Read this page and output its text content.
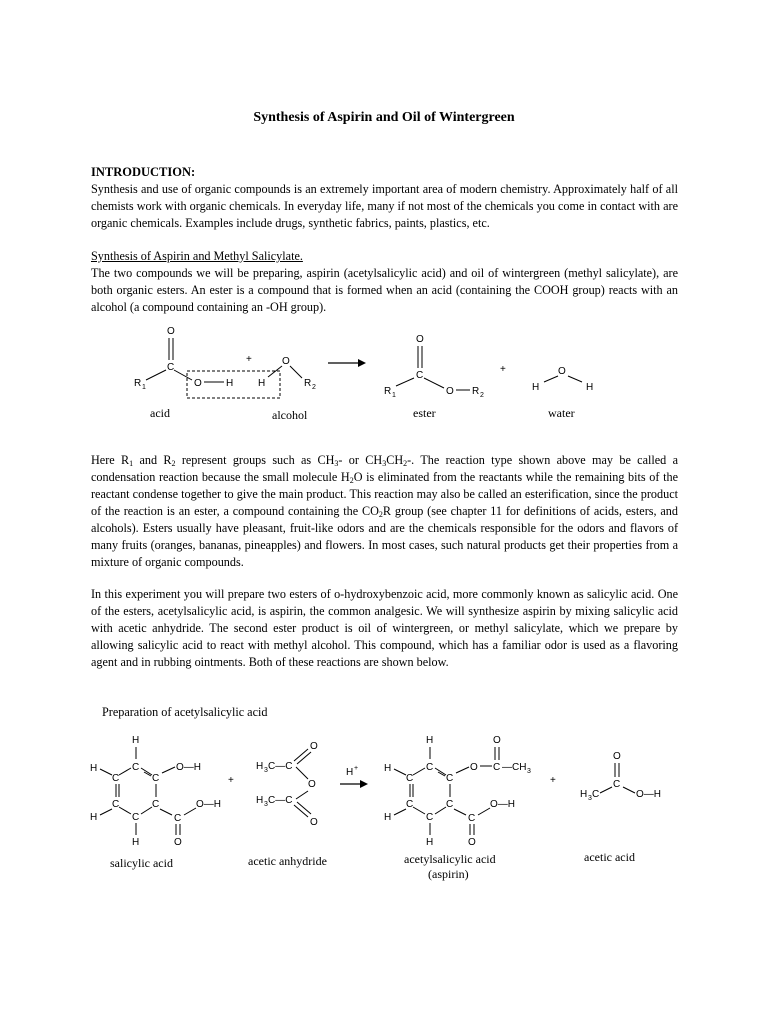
Synthesis of Aspirin and Oil of Wintergreen
INTRODUCTION:
Synthesis and use of organic compounds is an extremely important area of modern chemistry. Approximately half of all chemists work with organic chemicals. In everyday life, many if not most of the chemicals you come in contact with are organic chemicals. Examples include drugs, synthetic fabrics, paints, plastics, etc.
Synthesis of Aspirin and Methyl Salicylate.
The two compounds we will be preparing, aspirin (acetylsalicylic acid) and oil of wintergreen (methyl salicylate), are both organic esters. An ester is a compound that is formed when an acid (containing the COOH group) reacts with an alcohol (a compound containing an -OH group).
O
C
R 1	O H
+	O
H	R 2
O
C
R 1	O R 2
+	O
H	H
acid	alcohol	ester	water
Here $R_1$ and $R_2$ represent groups such as $CH_3-$ or $CH_3CH_2-$. The reaction type shown above may be called a condensation reaction because the small molecule $H_2O$ is eliminated from the reactants while the remaining bits of the reactant condense together to give the main product. This reaction may also be called an esterification, since the product of the reaction is an ester, a compound containing the $CO_2R$ group (see chapter 11 for definitions of acids, esters, and alcohols). Esters usually have pleasant, fruit-like odors and are the chemicals responsible for the odors and flavors of many fruits (oranges, bananas, pineapples) and flowers. In most cases, such natural products get their properties from a mixture of organic compounds.
In this experiment you will prepare two esters of o-hydroxybenzoic acid, more commonly known as salicylic acid. One of the esters, acetylsalicylic acid, is aspirin, the common analgesic. We will synthesize aspirin by mixing salicylic acid with acetic anhydride. The second ester product is oil of wintergreen, or methyl salicylate, which we prepare by allowing salicylic acid to react with methyl alcohol. This compound, which has a familiar odor is used as a flavoring agent and in rubbing ointments. Both of these reactions are shown below.
Preparation of acetylsalicylic acid
H
C
H
C	C
O—H
C	C
H	C
H
C
O—H
O
+
H 3 C—C
O
O
H 3 C—C
O
H +
H
C
H
C	C
O C
O
—CH 3
C	C
H	C
H
C
O—H
O
+
O
C
H 3 C	O—H
salicylic acid	acetic anhydride	acetylsalicylic acid
(aspirin)
acetic acid
